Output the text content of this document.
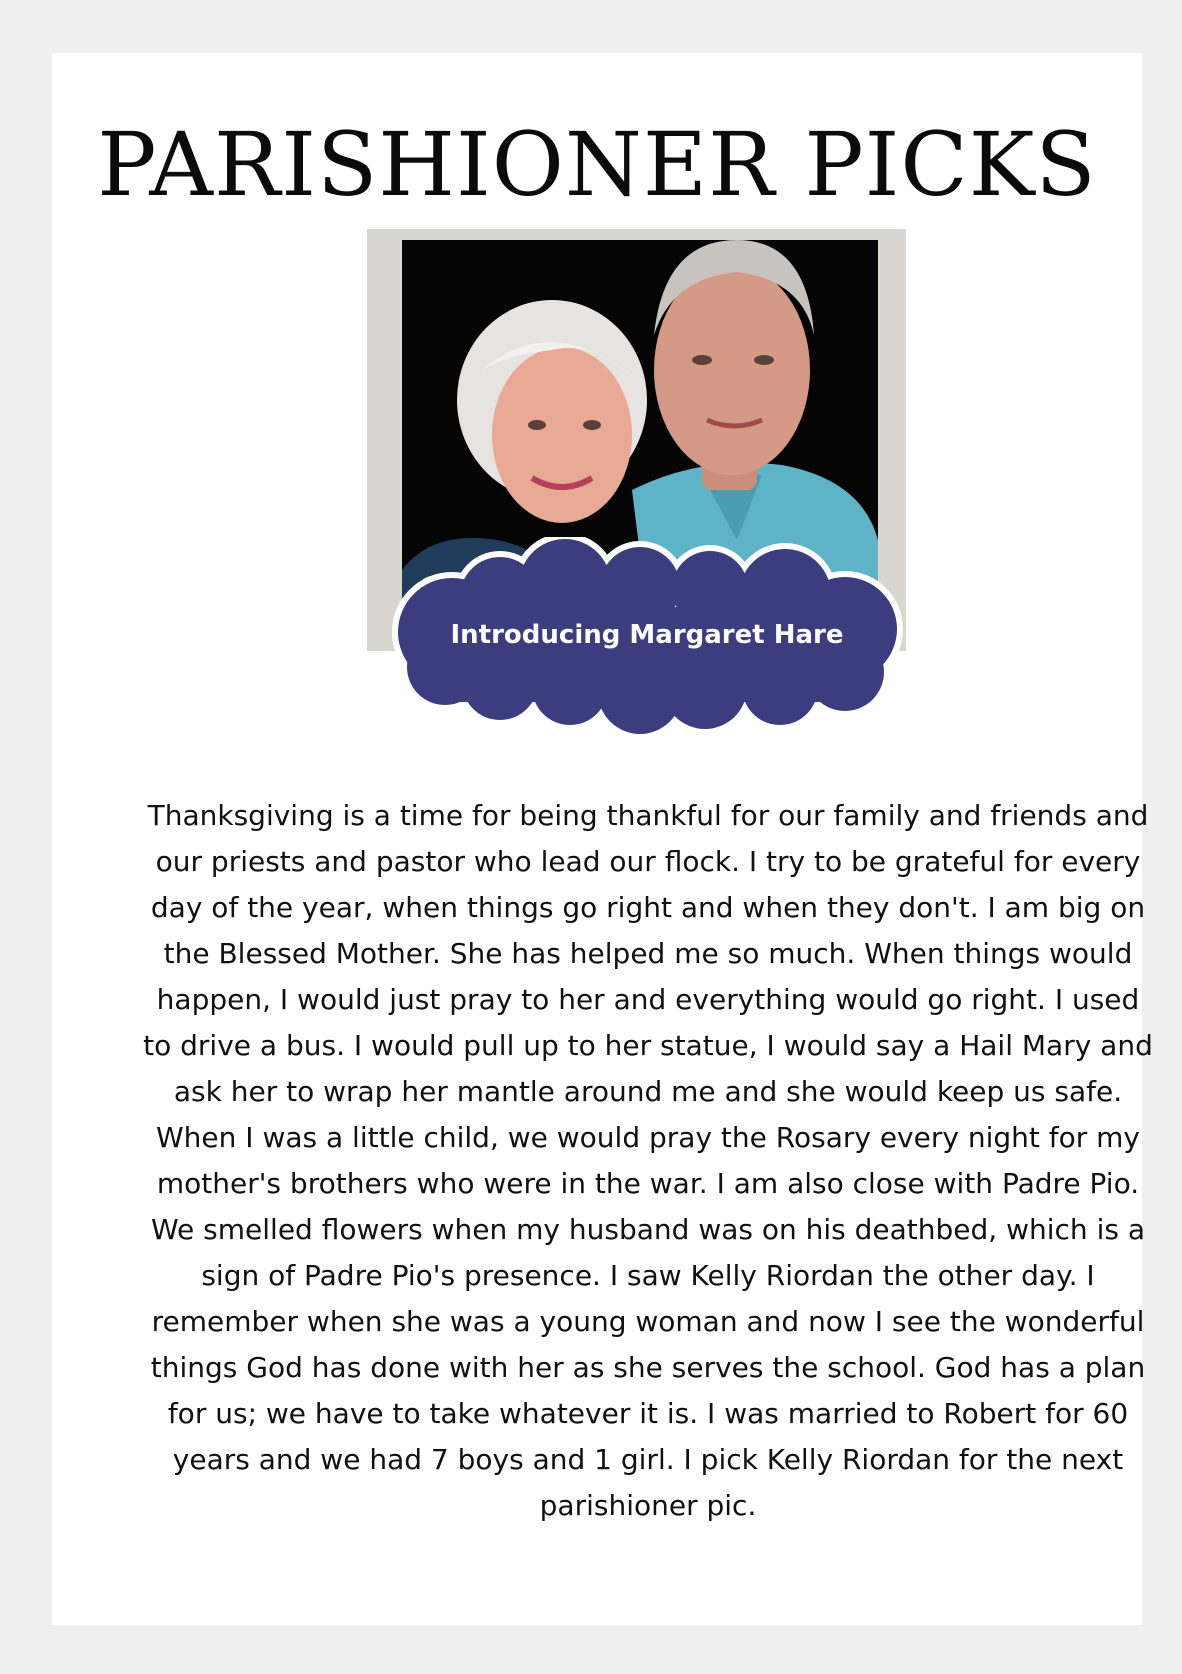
PARISHIONER PICKS
Introducing Margaret Hare

Thanksgiving is a time for being thankful for our family and friends and our priests and pastor who lead our flock. I try to be grateful for every day of the year, when things go right and when they don't. I am big on the Blessed Mother. She has helped me so much. When things would happen, I would just pray to her and everything would go right. I used to drive a bus. I would pull up to her statue, I would say a Hail Mary and ask her to wrap her mantle around me and she would keep us safe. When I was a little child, we would pray the Rosary every night for my mother's brothers who were in the war. I am also close with Padre Pio. We smelled flowers when my husband was on his deathbed, which is a sign of Padre Pio's presence. I saw Kelly Riordan the other day. I remember when she was a young woman and now I see the wonderful things God has done with her as she serves the school. God has a plan for us; we have to take whatever it is. I was married to Robert for 60 years and we had 7 boys and 1 girl. I pick Kelly Riordan for the next parishioner pic.
